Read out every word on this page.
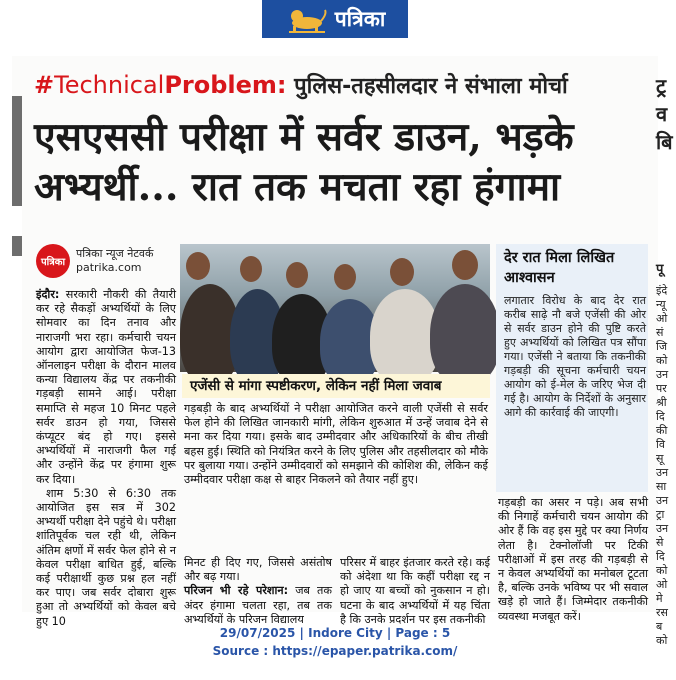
पत्रिका
#TechnicalProblem: पुलिस-तहसीलदार ने संभाला मोर्चा
एसएससी परीक्षा में सर्वर डाउन, भड़के
अभ्यर्थी... रात तक मचता रहा हंगामा
ट्र
व
बि
पू
इंदे
न्यू
ओ
सं
जि
को
उन
पर
श्री
दि
की
वि
सू
उन
सा
उन
ट्रा
उन
से
दि
को
ओ
मे
रस
ब
को
पत्रिका
पत्रिका न्यूज नेटवर्क
patrika.com

इंदौर: सरकारी नौकरी की तैयारी कर रहे सैकड़ों अभ्यर्थियों के लिए सोमवार का दिन तनाव और नाराजगी भरा रहा। कर्मचारी चयन आयोग द्वारा आयोजित फेज-13 ऑनलाइन परीक्षा के दौरान मालव कन्या विद्यालय केंद्र पर तकनीकी गड़बड़ी सामने आई। परीक्षा समाप्ति से महज 10 मिनट पहले सर्वर डाउन हो गया, जिससे कंप्यूटर बंद हो गए। इससे अभ्यर्थियों में नाराजगी फैल गई और उन्होंने केंद्र पर हंगामा शुरू कर दिया।

शाम 5:30 से 6:30 तक आयोजित इस सत्र में 302 अभ्यर्थी परीक्षा देने पहुंचे थे। परीक्षा शांतिपूर्वक चल रही थी, लेकिन अंतिम क्षणों में सर्वर फेल होने से न केवल परीक्षा बाधित हुई, बल्कि कई परीक्षार्थी कुछ प्रश्न हल नहीं कर पाए। जब सर्वर दोबारा शुरू हुआ तो अभ्यर्थियों को केवल बचे हुए 10

एजेंसी से मांगा स्पष्टीकरण, लेकिन नहीं मिला जवाब
गड़बड़ी के बाद अभ्यर्थियों ने परीक्षा आयोजित करने वाली एजेंसी से सर्वर फेल होने की लिखित जानकारी मांगी, लेकिन शुरुआत में उन्हें जवाब देने से मना कर दिया गया। इसके बाद उम्मीदवार और अधिकारियों के बीच तीखी बहस हुई। स्थिति को नियंत्रित करने के लिए पुलिस और तहसीलदार को मौके पर बुलाया गया। उन्होंने उम्मीदवारों को समझाने की कोशिश की, लेकिन कई उम्मीदवार परीक्षा कक्ष से बाहर निकलने को तैयार नहीं हुए।
मिनट ही दिए गए, जिससे असंतोष और बढ़ गया।
परिजन भी रहे परेशान: जब तक अंदर हंगामा चलता रहा, तब तक अभ्यर्थियों के परिजन विद्यालय
परिसर में बाहर इंतजार करते रहे। कई को अंदेशा था कि कहीं परीक्षा रद्द न हो जाए या बच्चों को नुकसान न हो। घटना के बाद अभ्यर्थियों में यह चिंता है कि उनके प्रदर्शन पर इस तकनीकी
देर रात मिला लिखित आश्वासन
लगातार विरोध के बाद देर रात करीब साढ़े नौ बजे एजेंसी की ओर से सर्वर डाउन होने की पुष्टि करते हुए अभ्यर्थियों को लिखित पत्र सौंपा गया। एजेंसी ने बताया कि तकनीकी गड़बड़ी की सूचना कर्मचारी चयन आयोग को ई-मेल के जरिए भेज दी गई है। आयोग के निर्देशों के अनुसार आगे की कार्रवाई की जाएगी।
गड़बड़ी का असर न पड़े। अब सभी की निगाहें कर्मचारी चयन आयोग की ओर हैं कि वह इस मुद्दे पर क्या निर्णय लेता है। टेक्नोलॉजी पर टिकी परीक्षाओं में इस तरह की गड़बड़ी से न केवल अभ्यर्थियों का मनोबल टूटता है, बल्कि उनके भविष्य पर भी सवाल खड़े हो जाते हैं। जिम्मेदार तकनीकी व्यवस्था मजबूत करें।
29/07/2025 | Indore City | Page : 5
Source : https://epaper.patrika.com/
